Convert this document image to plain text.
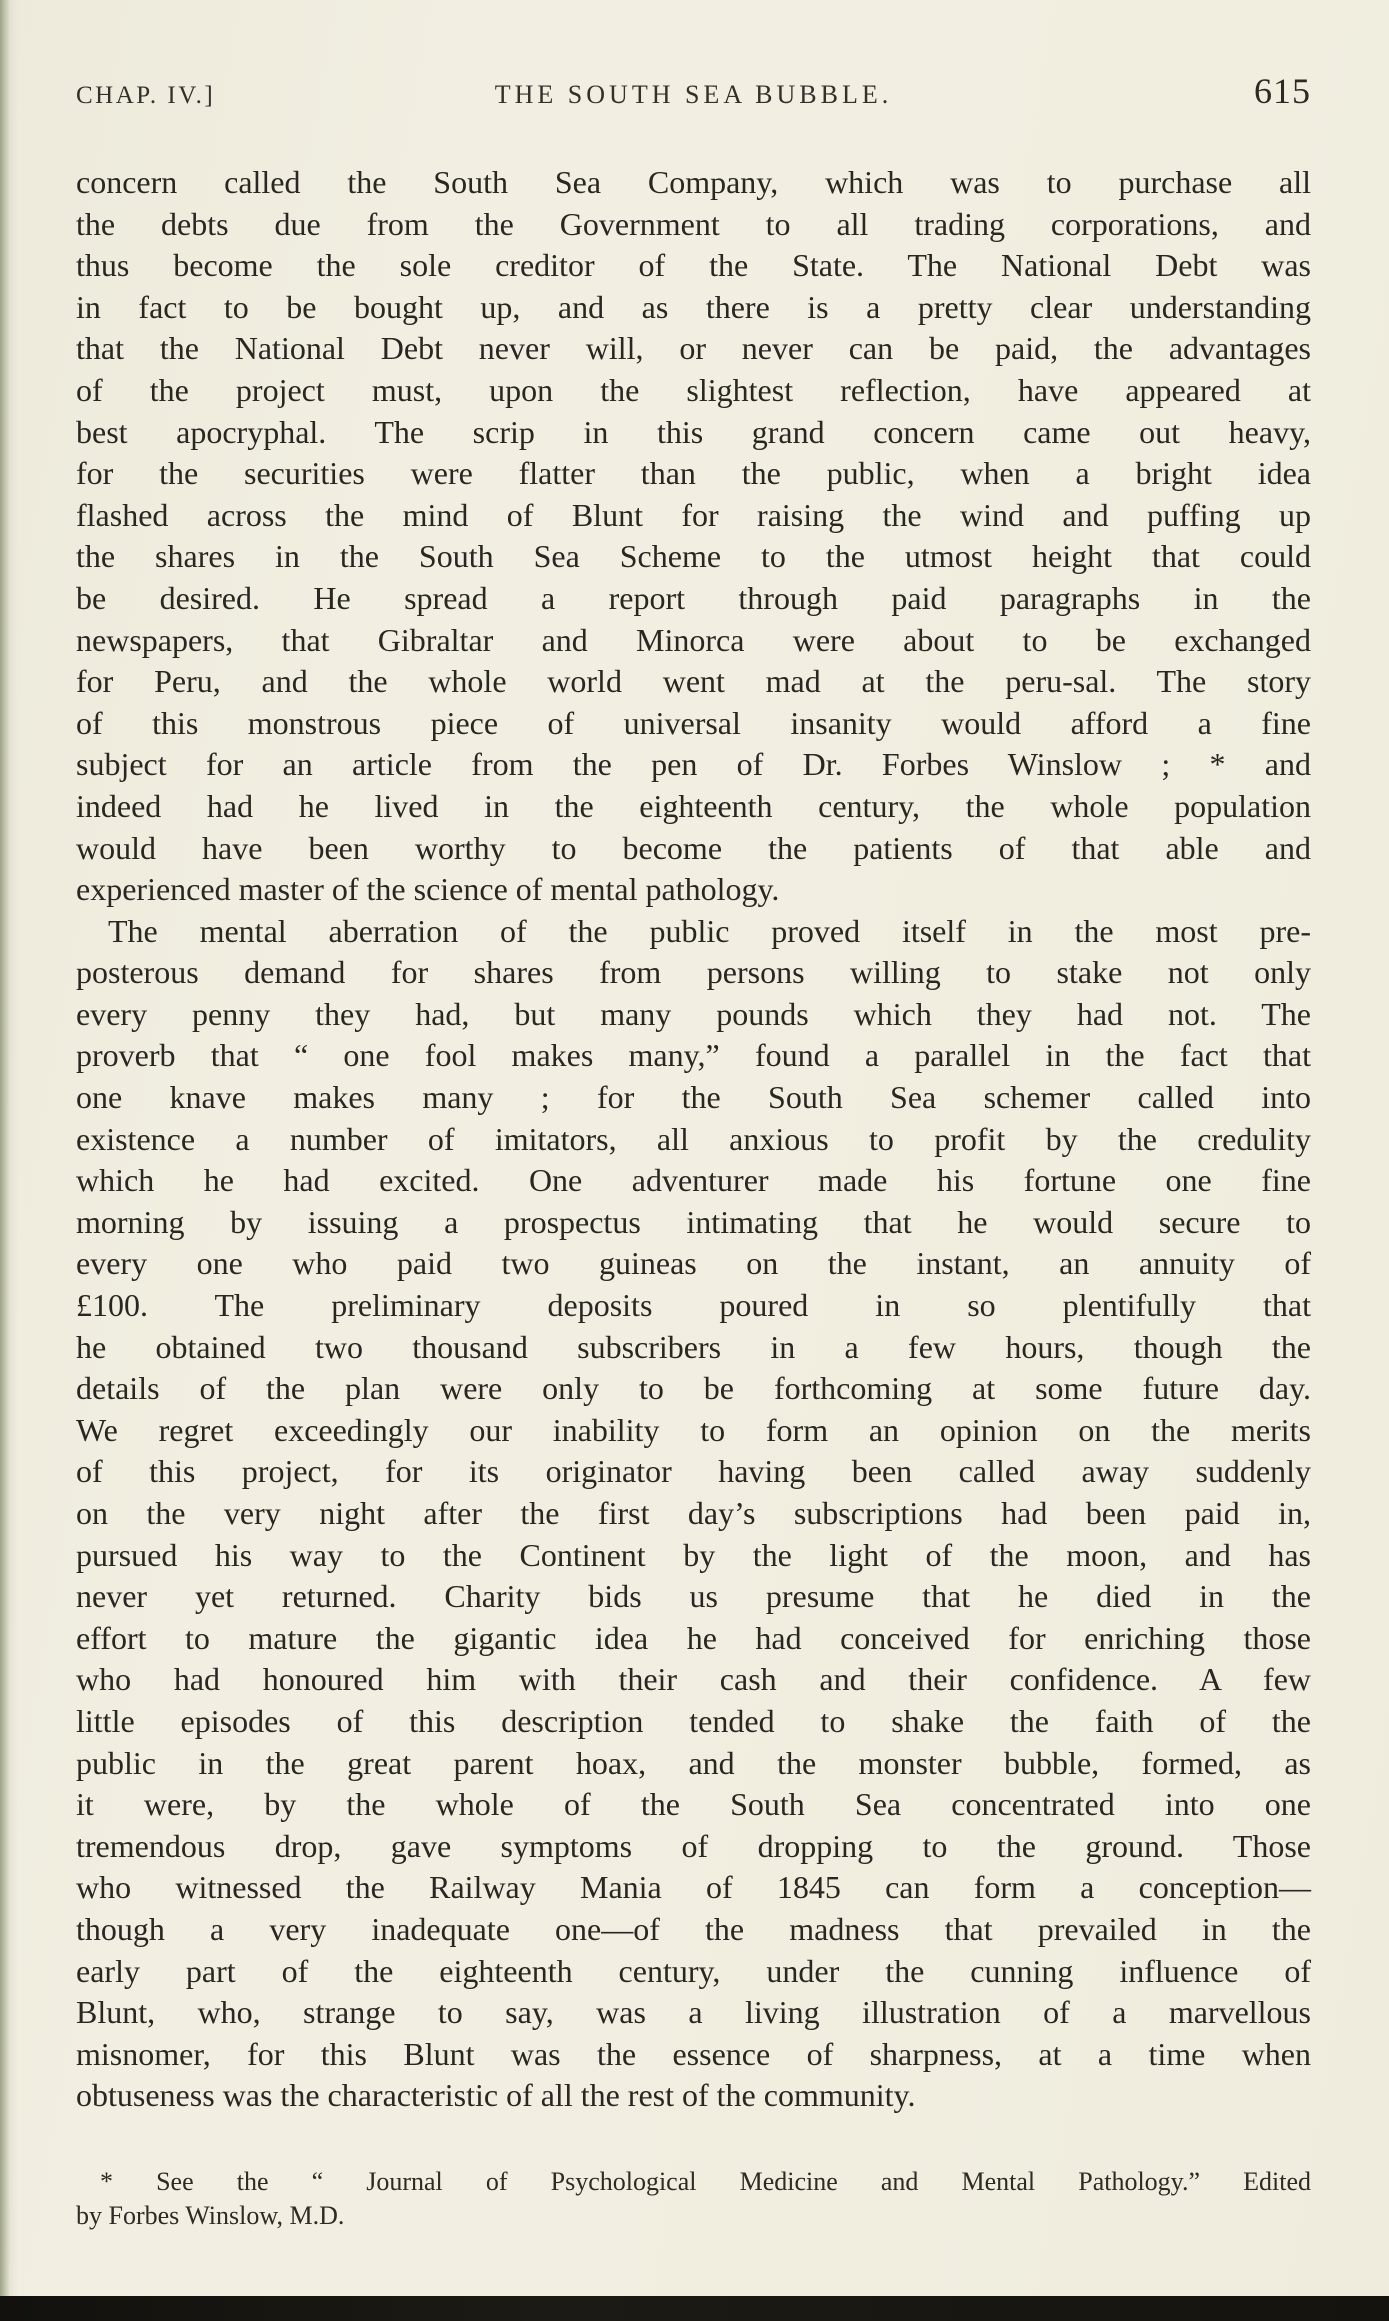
CHAP. IV.]	THE SOUTH SEA BUBBLE.	615
concern called the South Sea Company, which was to purchase all
the debts due from the Government to all trading corporations, and
thus become the sole creditor of the State. The National Debt was
in fact to be bought up, and as there is a pretty clear understanding
that the National Debt never will, or never can be paid, the advantages
of the project must, upon the slightest reflection, have appeared at
best apocryphal. The scrip in this grand concern came out heavy,
for the securities were flatter than the public, when a bright idea
flashed across the mind of Blunt for raising the wind and puffing up
the shares in the South Sea Scheme to the utmost height that could
be desired. He spread a report through paid paragraphs in the
newspapers, that Gibraltar and Minorca were about to be exchanged
for Peru, and the whole world went mad at the peru-sal. The story
of this monstrous piece of universal insanity would afford a fine
subject for an article from the pen of Dr. Forbes Winslow ; * and
indeed had he lived in the eighteenth century, the whole population
would have been worthy to become the patients of that able and
experienced master of the science of mental pathology.
The mental aberration of the public proved itself in the most pre-
posterous demand for shares from persons willing to stake not only
every penny they had, but many pounds which they had not. The
proverb that “ one fool makes many,” found a parallel in the fact that
one knave makes many ; for the South Sea schemer called into
existence a number of imitators, all anxious to profit by the credulity
which he had excited. One adventurer made his fortune one fine
morning by issuing a prospectus intimating that he would secure to
every one who paid two guineas on the instant, an annuity of
£100. The preliminary deposits poured in so plentifully that
he obtained two thousand subscribers in a few hours, though the
details of the plan were only to be forthcoming at some future day.
We regret exceedingly our inability to form an opinion on the merits
of this project, for its originator having been called away suddenly
on the very night after the first day’s subscriptions had been paid in,
pursued his way to the Continent by the light of the moon, and has
never yet returned. Charity bids us presume that he died in the
effort to mature the gigantic idea he had conceived for enriching those
who had honoured him with their cash and their confidence. A few
little episodes of this description tended to shake the faith of the
public in the great parent hoax, and the monster bubble, formed, as
it were, by the whole of the South Sea concentrated into one
tremendous drop, gave symptoms of dropping to the ground. Those
who witnessed the Railway Mania of 1845 can form a conception—
though a very inadequate one—of the madness that prevailed in the
early part of the eighteenth century, under the cunning influence of
Blunt, who, strange to say, was a living illustration of a marvellous
misnomer, for this Blunt was the essence of sharpness, at a time when
obtuseness was the characteristic of all the rest of the community.
* See the “ Journal of Psychological Medicine and Mental Pathology.” Edited
by Forbes Winslow, M.D.
